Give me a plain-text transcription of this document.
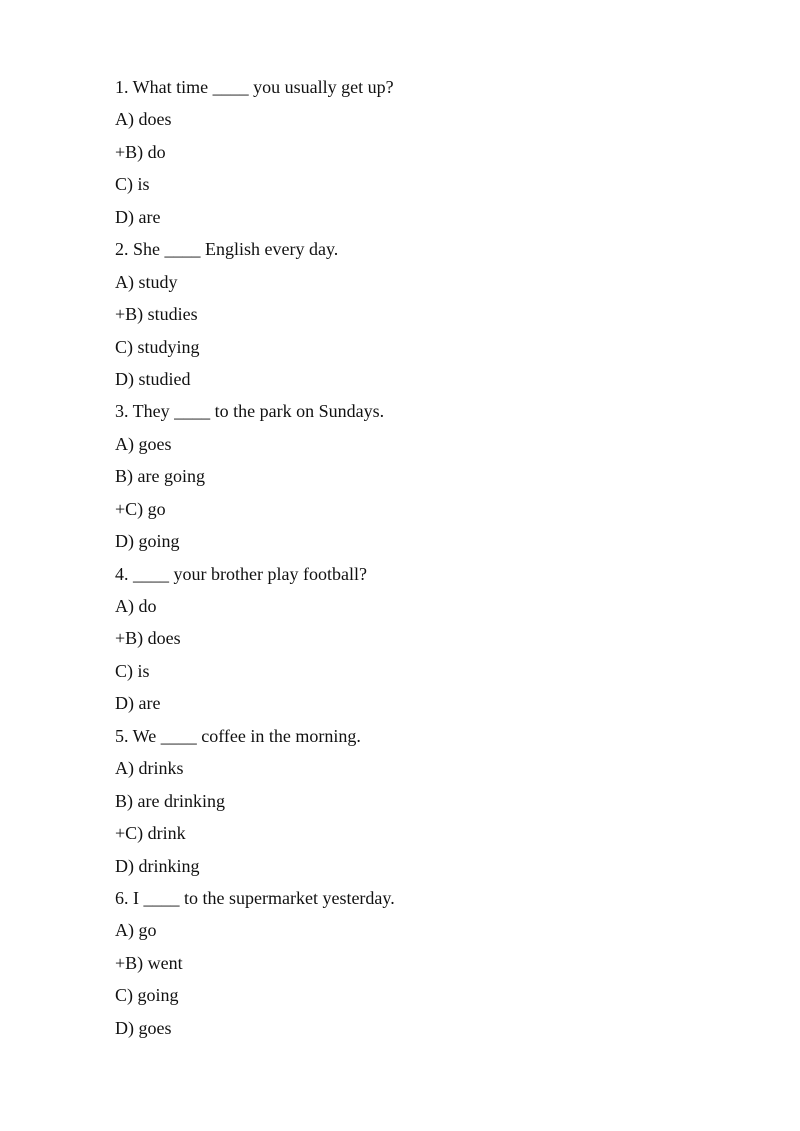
1. What time ____ you usually get up?

A) does

+B) do

C) is

D) are

2. She ____ English every day.

A) study

+B) studies

C) studying

D) studied

3. They ____ to the park on Sundays.

A) goes

B) are going

+C) go

D) going

4. ____ your brother play football?

A) do

+B) does

C) is

D) are

5. We ____ coffee in the morning.

A) drinks

B) are drinking

+C) drink

D) drinking

6. I ____ to the supermarket yesterday.

A) go

+B) went

C) going

D) goes
